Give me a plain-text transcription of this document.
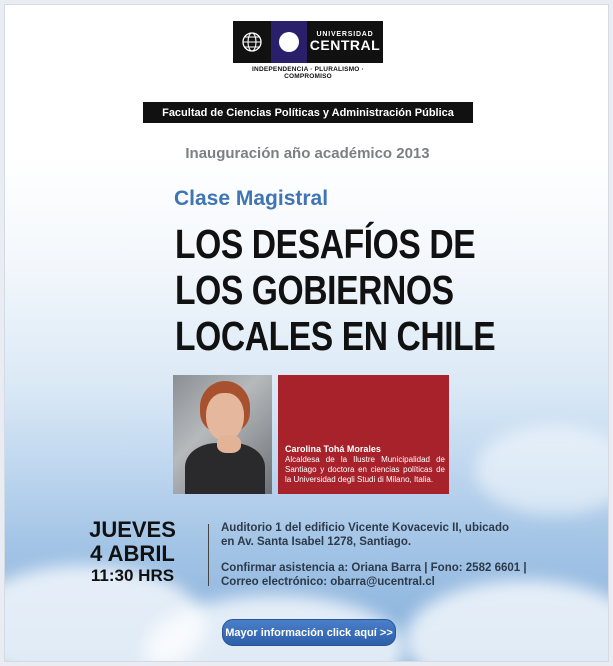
UNIVERSIDAD
CENTRAL
INDEPENDENCIA · PLURALISMO · COMPROMISO
Facultad de Ciencias Políticas y Administración Pública
Inauguración año académico 2013
Clase Magistral
LOS DESAFÍOS DE
LOS GOBIERNOS
LOCALES EN CHILE
Carolina Tohá Morales
Alcaldesa de la Ilustre Municipalidad de Santiago y doctora en ciencias políticas de la Universidad degli Studi di Milano, Italia.
JUEVES
4 ABRIL
11:30 HRS

Auditorio 1 del edificio Vicente Kovacevic II, ubicado

en Av. Santa Isabel 1278, Santiago.

Confirmar asistencia a: Oriana Barra | Fono: 2582 6601 |

Correo electrónico: obarra@ucentral.cl

Mayor información click aquí >>
